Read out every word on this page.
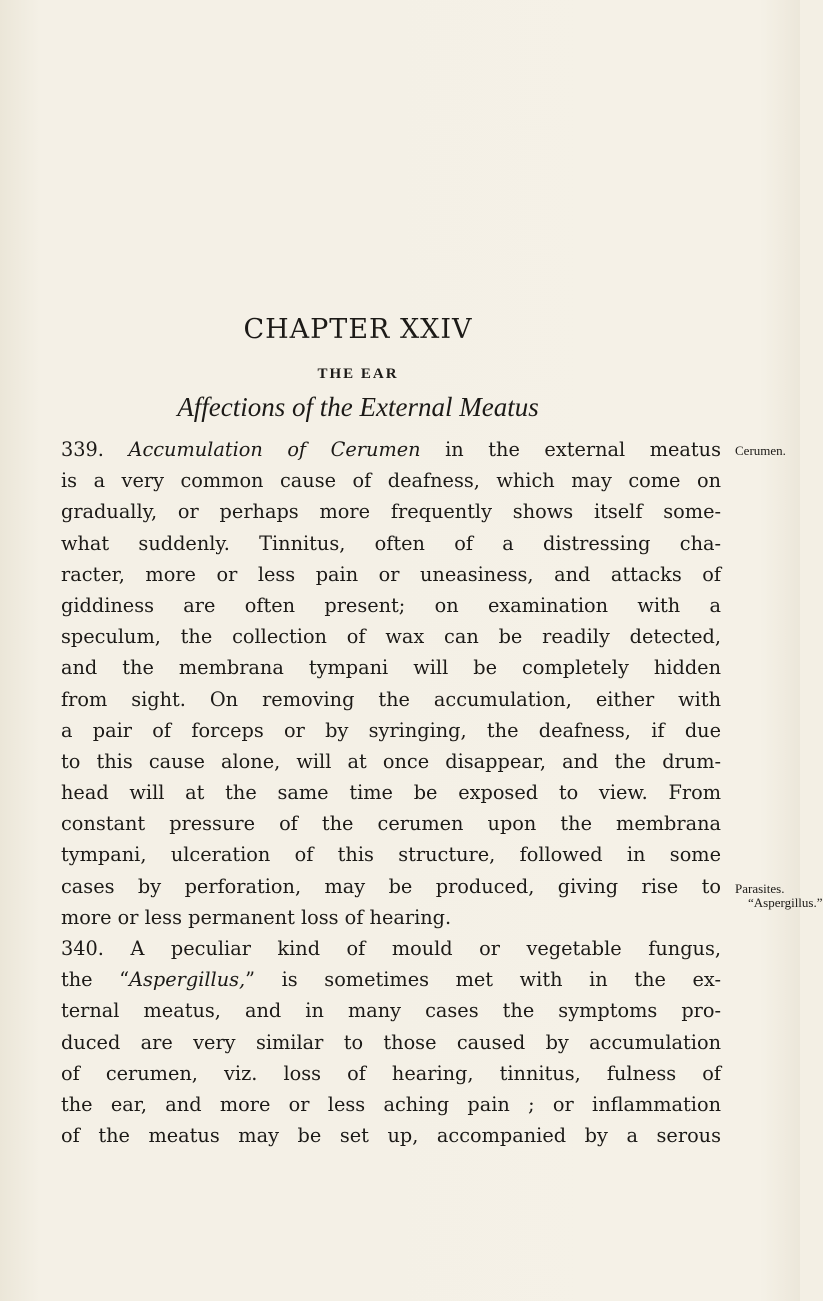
CHAPTER XXIV
THE EAR
Affections of the External Meatus
Cerumen.
Parasites.
“Aspergillus.”
339. Accumulation of Cerumen in the external meatus
is a very common cause of deafness, which may come on
gradually, or perhaps more frequently shows itself some-
what suddenly. Tinnitus, often of a distressing cha-
racter, more or less pain or uneasiness, and attacks of
giddiness are often present; on examination with a
speculum, the collection of wax can be readily detected,
and the membrana tympani will be completely hidden
from sight. On removing the accumulation, either with
a pair of forceps or by syringing, the deafness, if due
to this cause alone, will at once disappear, and the drum-
head will at the same time be exposed to view. From
constant pressure of the cerumen upon the membrana
tympani, ulceration of this structure, followed in some
cases by perforation, may be produced, giving rise to
more or less permanent loss of hearing.
340. A peculiar kind of mould or vegetable fungus,
the “Aspergillus,” is sometimes met with in the ex-
ternal meatus, and in many cases the symptoms pro-
duced are very similar to those caused by accumulation
of cerumen, viz. loss of hearing, tinnitus, fulness of
the ear, and more or less aching pain ; or inflammation
of the meatus may be set up, accompanied by a serous
